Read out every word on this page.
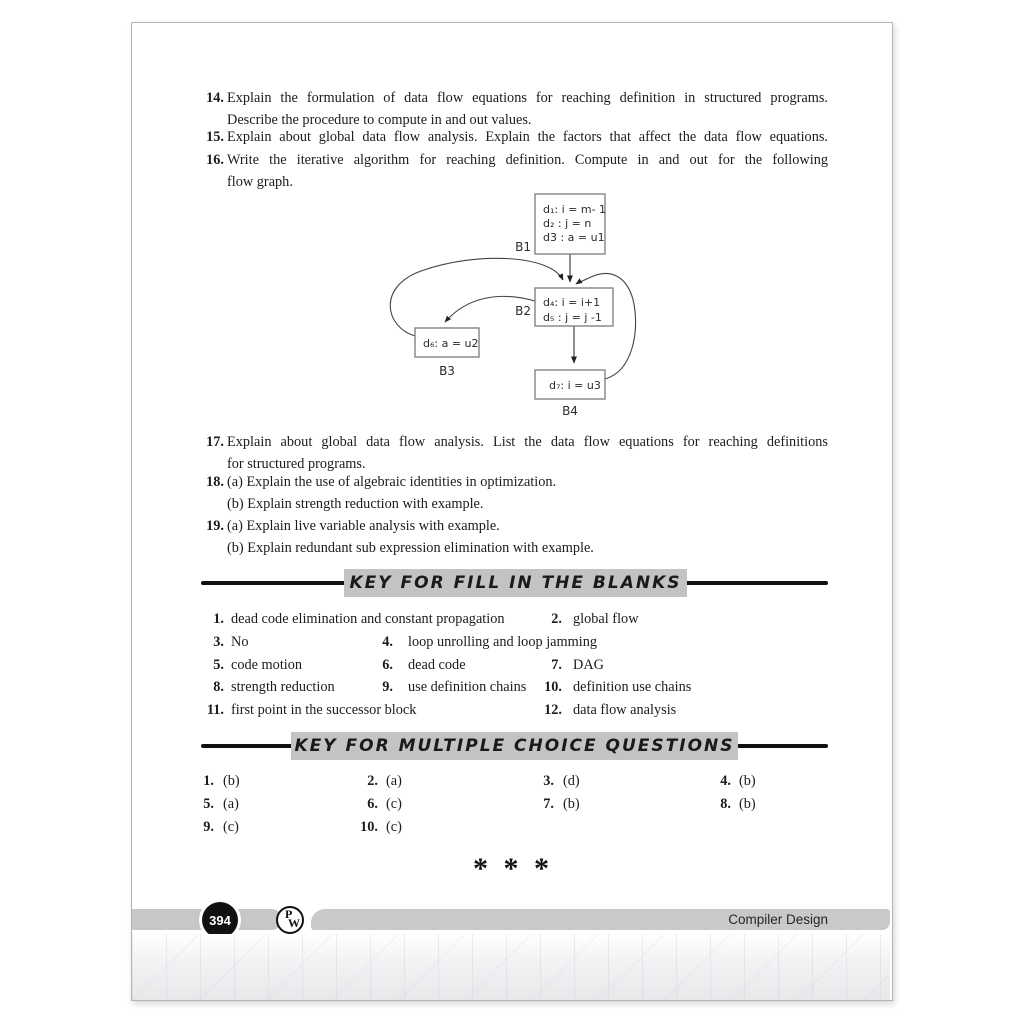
14. Explain the formulation of data flow equations for reaching definition in structured programs.
Describe the procedure to compute in and out values.
15. Explain about global data flow analysis. Explain the factors that affect the data flow equations.
16. Write the iterative algorithm for reaching definition. Compute in and out for the following
flow graph.
d₁: i = m- 1
d₂ : j = n
d3 : a = u1
d₄: i = i+1
d₅ : j = j -1
d₆: a = u2
d₇: i = u3
B1
B2
B3
B4
17. Explain about global data flow analysis. List the data flow equations for reaching definitions
for structured programs.
18. (a) Explain the use of algebraic identities in optimization.
(b) Explain strength reduction with example.
19. (a) Explain live variable analysis with example.
(b) Explain redundant sub expression elimination with example.
KEY FOR FILL IN THE BLANKS
1. dead code elimination and constant propagation	2. global flow
3. No	4. loop unrolling and loop jamming
5. code motion	6. dead code	7. DAG
8. strength reduction	9. use definition chains	10. definition use chains
11. first point in the successor block	12. data flow analysis
KEY FOR MULTIPLE CHOICE QUESTIONS
1. (b)	2. (a)	3. (d)	4. (b)
5. (a)	6. (c)	7. (b)	8. (b)
9. (c)	10. (c)
* * *
394	P
W	Compiler Design
